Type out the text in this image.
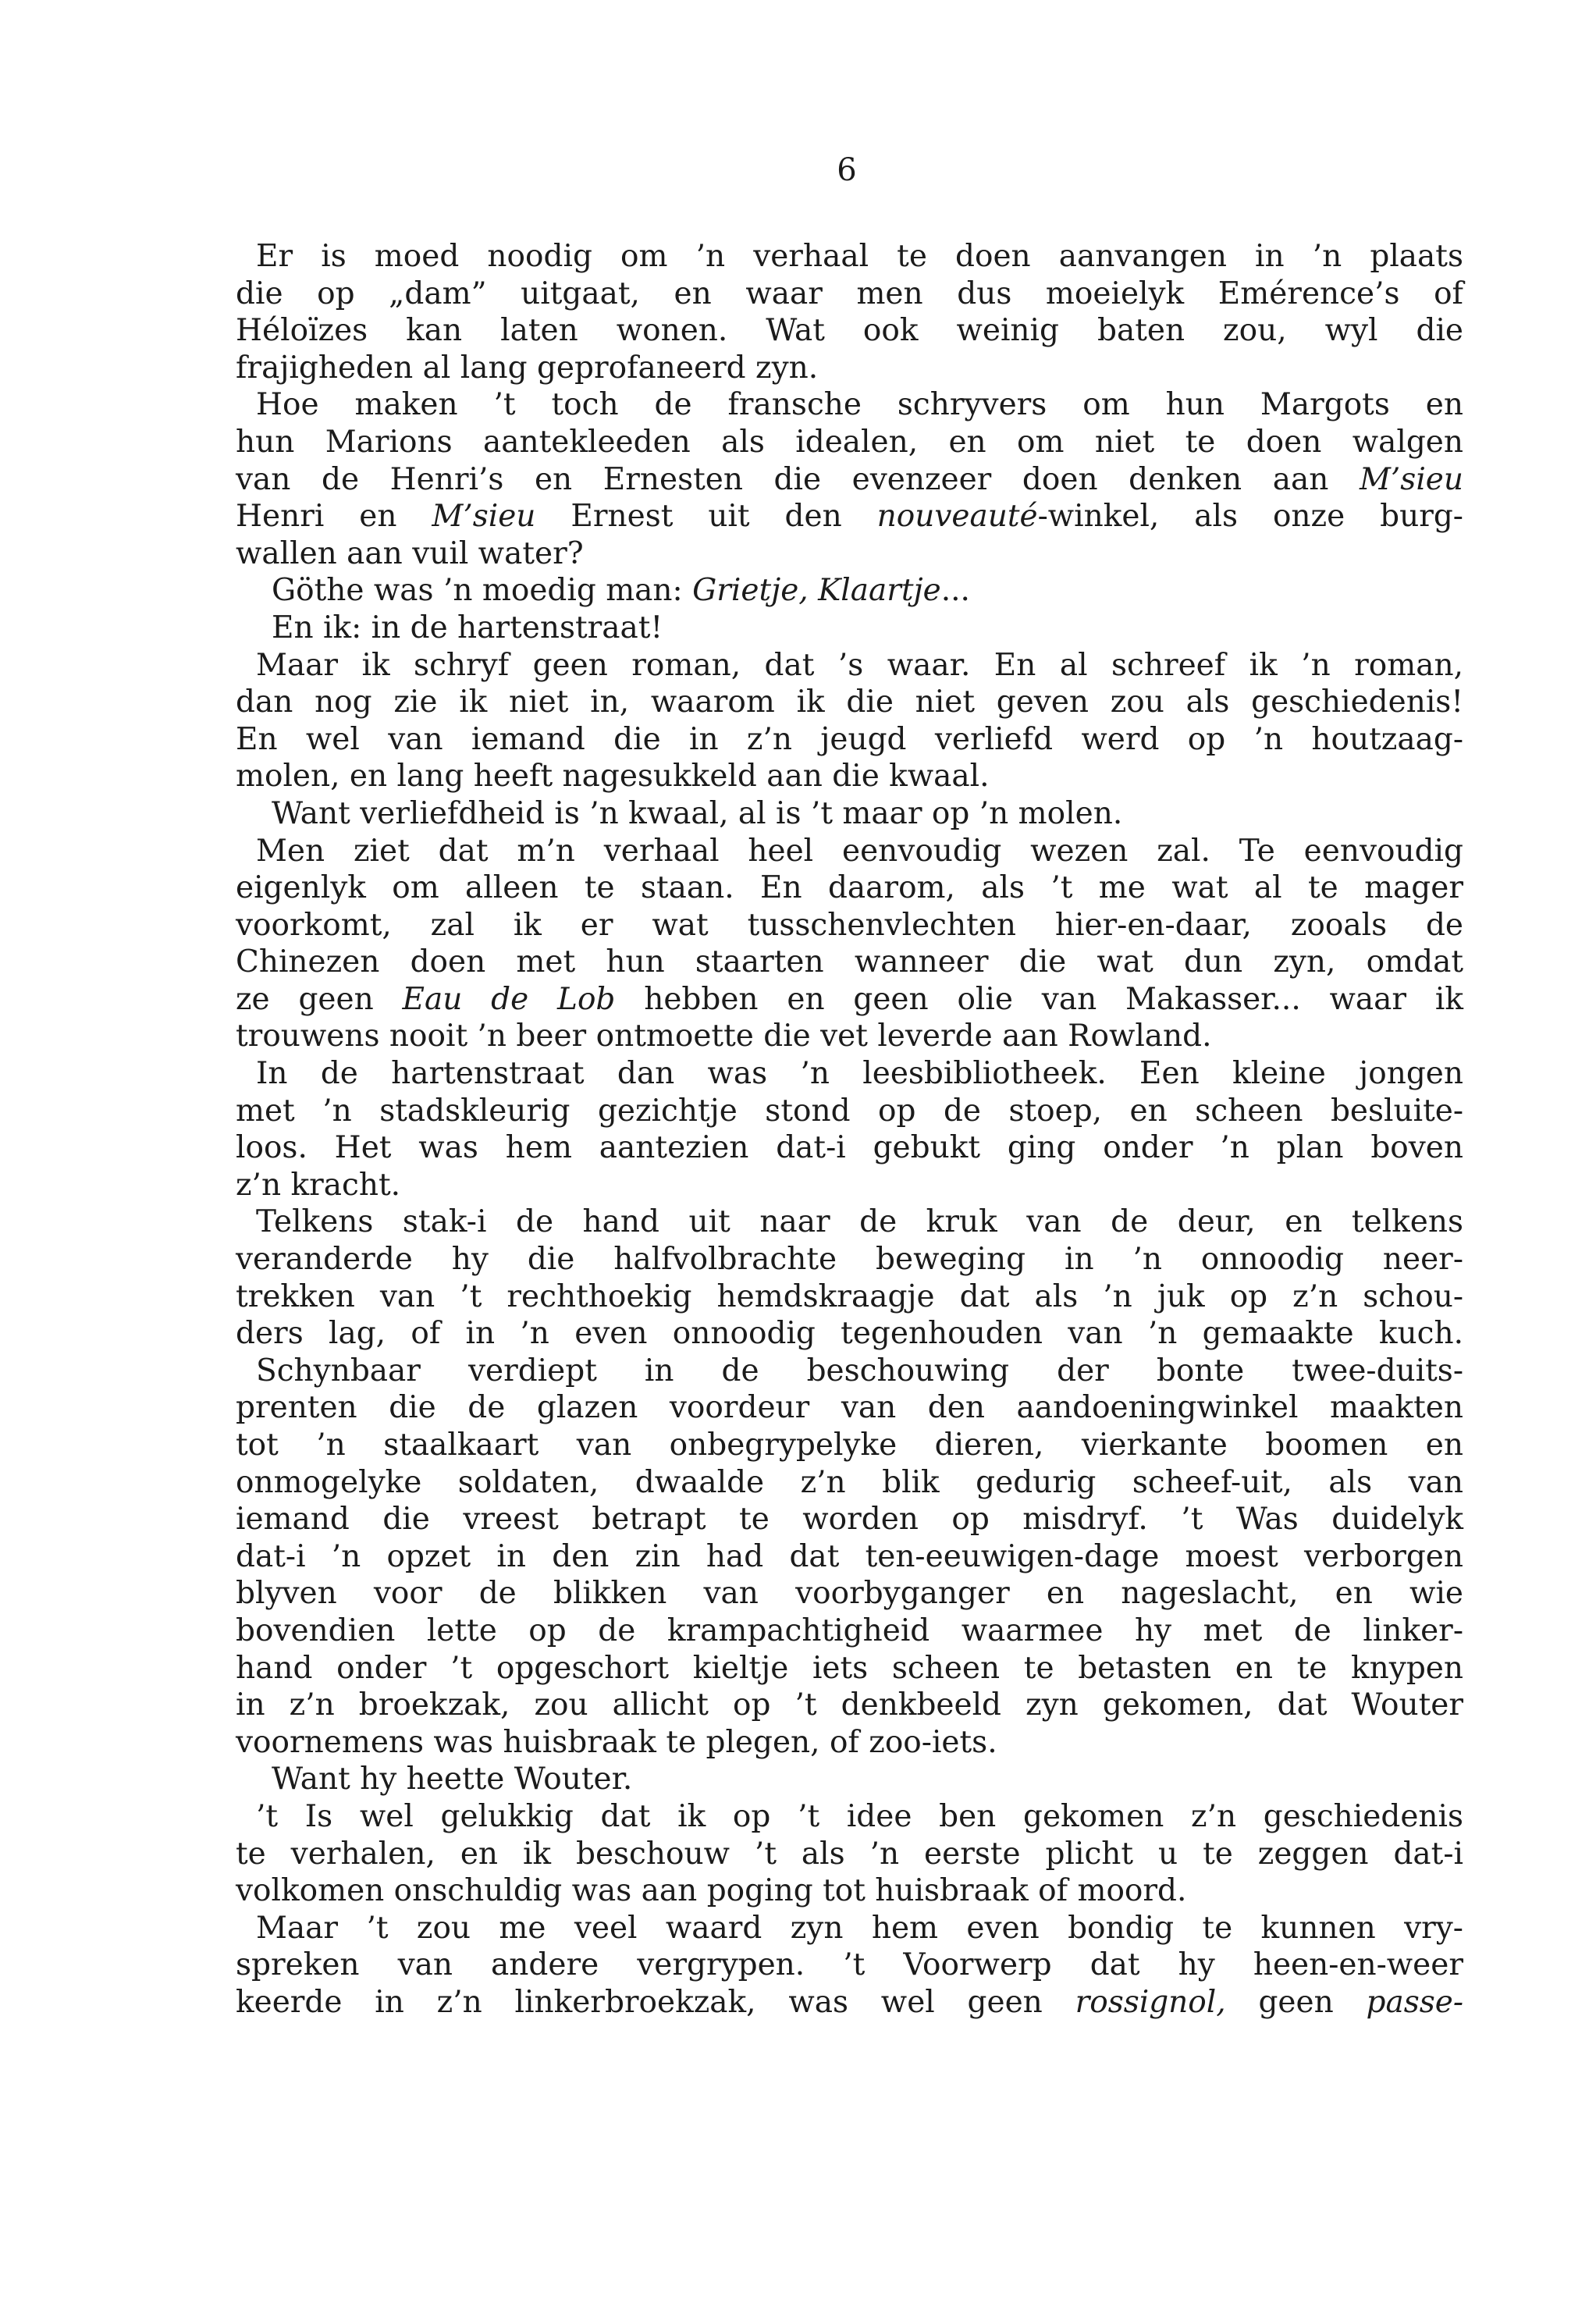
6
Er is moed noodig om ’n verhaal te doen aanvangen in ’n plaats
die op „dam” uitgaat, en waar men dus moeielyk Emérence’s of
Héloïzes kan laten wonen. Wat ook weinig baten zou, wyl die
frajigheden al lang geprofaneerd zyn.
Hoe maken ’t toch de fransche schryvers om hun Margots en
hun Marions aantekleeden als idealen, en om niet te doen walgen
van de Henri’s en Ernesten die evenzeer doen denken aan M’sieu
Henri en M’sieu Ernest uit den nouveauté-winkel, als onze burg-
wallen aan vuil water?
Göthe was ’n moedig man: Grietje, Klaartje...
En ik: in de hartenstraat!
Maar ik schryf geen roman, dat ’s waar. En al schreef ik ’n roman,
dan nog zie ik niet in, waarom ik die niet geven zou als geschiedenis!
En wel van iemand die in z’n jeugd verliefd werd op ’n houtzaag-
molen, en lang heeft nagesukkeld aan die kwaal.
Want verliefdheid is ’n kwaal, al is ’t maar op ’n molen.
Men ziet dat m’n verhaal heel eenvoudig wezen zal. Te eenvoudig
eigenlyk om alleen te staan. En daarom, als ’t me wat al te mager
voorkomt, zal ik er wat tusschenvlechten hier-en-daar, zooals de
Chinezen doen met hun staarten wanneer die wat dun zyn, omdat
ze geen Eau de Lob hebben en geen olie van Makasser... waar ik
trouwens nooit ’n beer ontmoette die vet leverde aan Rowland.
In de hartenstraat dan was ’n leesbibliotheek. Een kleine jongen
met ’n stadskleurig gezichtje stond op de stoep, en scheen besluite-
loos. Het was hem aantezien dat-i gebukt ging onder ’n plan boven
z’n kracht.
Telkens stak-i de hand uit naar de kruk van de deur, en telkens
veranderde hy die halfvolbrachte beweging in ’n onnoodig neer-
trekken van ’t rechthoekig hemdskraagje dat als ’n juk op z’n schou-
ders lag, of in ’n even onnoodig tegenhouden van ’n gemaakte kuch.
Schynbaar verdiept in de beschouwing der bonte twee-duits-
prenten die de glazen voordeur van den aandoeningwinkel maakten
tot ’n staalkaart van onbegrypelyke dieren, vierkante boomen en
onmogelyke soldaten, dwaalde z’n blik gedurig scheef-uit, als van
iemand die vreest betrapt te worden op misdryf. ’t Was duidelyk
dat-i ’n opzet in den zin had dat ten-eeuwigen-dage moest verborgen
blyven voor de blikken van voorbyganger en nageslacht, en wie
bovendien lette op de krampachtigheid waarmee hy met de linker-
hand onder ’t opgeschort kieltje iets scheen te betasten en te knypen
in z’n broekzak, zou allicht op ’t denkbeeld zyn gekomen, dat Wouter
voornemens was huisbraak te plegen, of zoo-iets.
Want hy heette Wouter.
’t Is wel gelukkig dat ik op ’t idee ben gekomen z’n geschiedenis
te verhalen, en ik beschouw ’t als ’n eerste plicht u te zeggen dat-i
volkomen onschuldig was aan poging tot huisbraak of moord.
Maar ’t zou me veel waard zyn hem even bondig te kunnen vry-
spreken van andere vergrypen. ’t Voorwerp dat hy heen-en-weer
keerde in z’n linkerbroekzak, was wel geen rossignol, geen passe-
